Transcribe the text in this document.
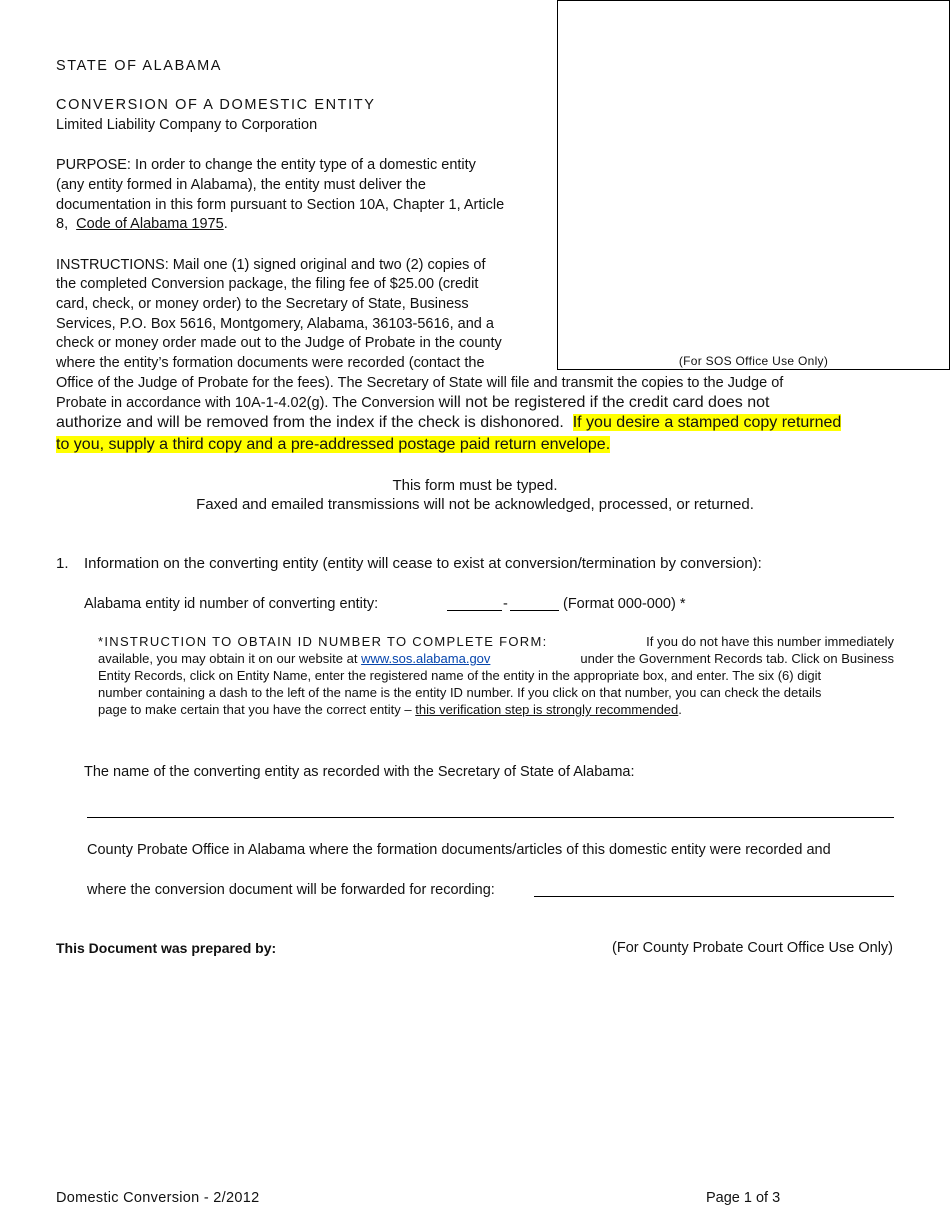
(For SOS Office Use Only)
STATE OF ALABAMA
CONVERSION OF A DOMESTIC ENTITY
Limited Liability Company to Corporation
PURPOSE: In order to change the entity type of a domestic entity
(any entity formed in Alabama), the entity must deliver the
documentation in this form pursuant to Section 10A, Chapter 1, Article
8,  Code of Alabama 1975.
INSTRUCTIONS: Mail one (1) signed original and two (2) copies of
the completed Conversion package, the filing fee of $25.00 (credit
card, check, or money order) to the Secretary of State, Business
Services, P.O. Box 5616, Montgomery, Alabama, 36103-5616, and a
check or money order made out to the Judge of Probate in the county
where the entity’s formation documents were recorded (contact the
Office of the Judge of Probate for the fees). The Secretary of State will file and transmit the copies to the Judge of
Probate in accordance with 10A-1-4.02(g). The Conversion will not be registered if the credit card does not
authorize and will be removed from the index if the check is dishonored. If you desire a stamped copy returned
to you, supply a third copy and a pre-addressed postage paid return envelope.
This form must be typed.
Faxed and emailed transmissions will not be acknowledged, processed, or returned.
1. Information on the converting entity (entity will cease to exist at conversion/termination by conversion):
Alabama entity id number of converting entity:	-	(Format 000-000) *
*INSTRUCTION TO OBTAIN ID NUMBER TO COMPLETE FORM:	If you do not have this number immediately
available, you may obtain it on our website at www.sos.alabama.gov	under the Government Records tab. Click on Business
Entity Records, click on Entity Name, enter the registered name of the entity in the appropriate box, and enter. The six (6) digit
number containing a dash to the left of the name is the entity ID number. If you click on that number, you can check the details
page to make certain that you have the correct entity – this verification step is strongly recommended.
The name of the converting entity as recorded with the Secretary of State of Alabama:
County Probate Office in Alabama where the formation documents/articles of this domestic entity were recorded and
where the conversion document will be forwarded for recording:
This Document was prepared by:	(For County Probate Court Office Use Only)
Domestic Conversion - 2/2012	Page 1 of 3
